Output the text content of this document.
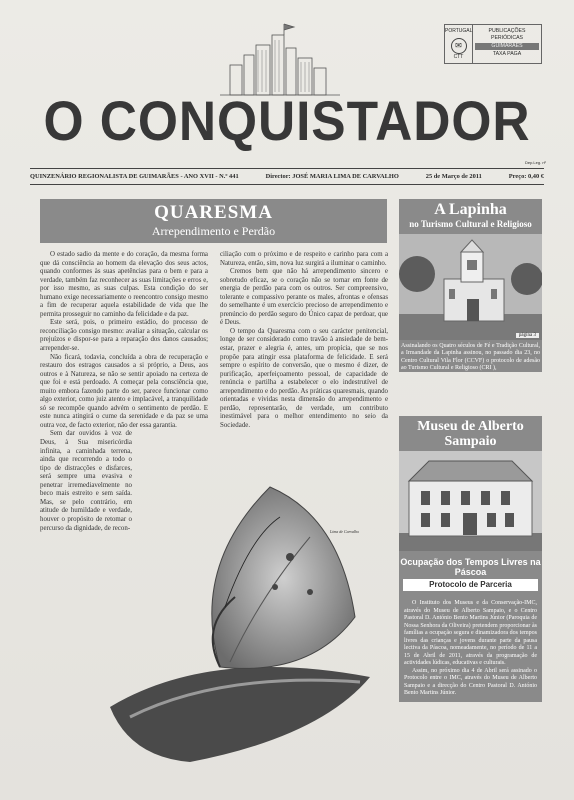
PORTUGAL
✉
CTT
PUBLICAÇÕES
PERIÓDICAS
GUIMARÃES
TAXA PAGA
O CONQUISTADOR
Dep.Leg. nº
QUINZENÁRIO REGIONALISTA DE GUIMARÃES - ANO XVII - N.º 441	Director: JOSÉ MARIA LIMA DE CARVALHO	25 de Março de 2011	Preço: 0,40 €
QUARESMA
Arrependimento e Perdão

O estado sadio da mente e do coração, da mesma forma que dá consciência ao homem da elevação dos seus actos, quando conformes às suas apetências para o bem e para a verdade, também faz reconhecer as suas limitações e erros e, por isso mesmo, as suas culpas. Esta condição do ser humano exige necessariamente o reencontro consigo mesmo a fim de recuperar aquela estabilidade de vida que lhe permita prosseguir no caminho da felicidade e da paz.

Este será, pois, o primeiro estádio, do processo de reconciliação consigo mesmo: avaliar a situação, calcular os prejuízos e dispor-se para a reparação dos danos causados; arrepender-se.

Não ficará, todavia, concluída a obra de recuperação e restauro dos estragos causados a si próprio, a Deus, aos outros e à Natureza, se não se sentir apoiado na certeza de que foi e está perdoado. A começar pela consciência que, muito embora fazendo parte do ser, parece funcionar como algo exterior, como juiz atento e implacável, a tranquilidade só se recompõe quando advém o sentimento de perdão. E este nunca atingirá o cume da serenidade e da paz se uma outra voz, de facto exterior, não der essa garantia.

Sem dar ouvidos à voz de Deus, à Sua misericórdia infinita, a caminhada terrena, ainda que recorrendo a todo o tipo de distracções e disfarces, será sempre uma evasiva e penetrar irremediavelmente no beco mais estreito e sem saída. Mas, se pelo contrário, em atitude de humildade e verdade, houver o propósito de retomar o percurso da dignidade, de recon-

ciliação com o próximo e de respeito e carinho para com a Natureza, então, sim, nova luz surgirá a iluminar o caminho.

Cremos bem que não há arrependimento sincero e sobretudo eficaz, se o coração não se tornar em fonte de energia de perdão para com os outros. Ser compreensivo, tolerante e compassivo perante os males, afrontas e ofensas do semelhante é um exercício precioso de arrependimento e prenúncio do perdão seguro do Único capaz de perdoar, que é Deus.

O tempo da Quaresma com o seu carácter penitencial, longe de ser considerado como travão à ansiedade de bem-estar, prazer e alegria é, antes, um propícia, que se nos propõe para atingir essa plataforma de felicidade. E será sempre o espírito de conversão, que o mesmo é dizer, de purificação, aperfeiçoamento pessoal, de capacidade de renúncia e partilha a estabelecer o elo indestrutível de arrependimento e do perdão. As práticas quaresmais, quando orientadas e vividas nesta dimensão do arrependimento e perdão, representarão, de verdade, um contributo inestimável para o melhor entendimento no seio da Sociedade.

Lima de Carvalho
A Lapinha
no Turismo Cultural e Religioso
página 3
Assinalando os Quatro séculos de Fé e Tradição Cultural, a Irmandade da Lapinha assinou, no passado dia 23, no Centro Cultural Vila Flor (CCVF) o protocolo de adesão ao Turismo Cultural e Religioso (CRI ),
Museu de Alberto Sampaio
Ocupação dos Tempos Livres na Páscoa
Protocolo de Parceria

O Instituto dos Museus e da Conservação-IMC, através do Museu de Alberto Sampaio, e o Centro Pastoral D. António Bento Martins Júnior (Paroquia de Nossa Senhora da Oliveira) pretendem proporcionar às famílias a ocupação segura e dinamizadora dos tempos livres das crianças e jovens durante parte da pausa lectiva da Páscoa, nomeadamente, no período de 11 a 15 de Abril de 2011, através da programação de actividades lúdicas, educativas e culturais.

Assim, no próximo dia 4 de Abril será assinado o Protocolo entre o IMC, através do Museu de Alberto Sampaio e a direcção do Centro Pastoral D. António Bento Martins Júnior.
